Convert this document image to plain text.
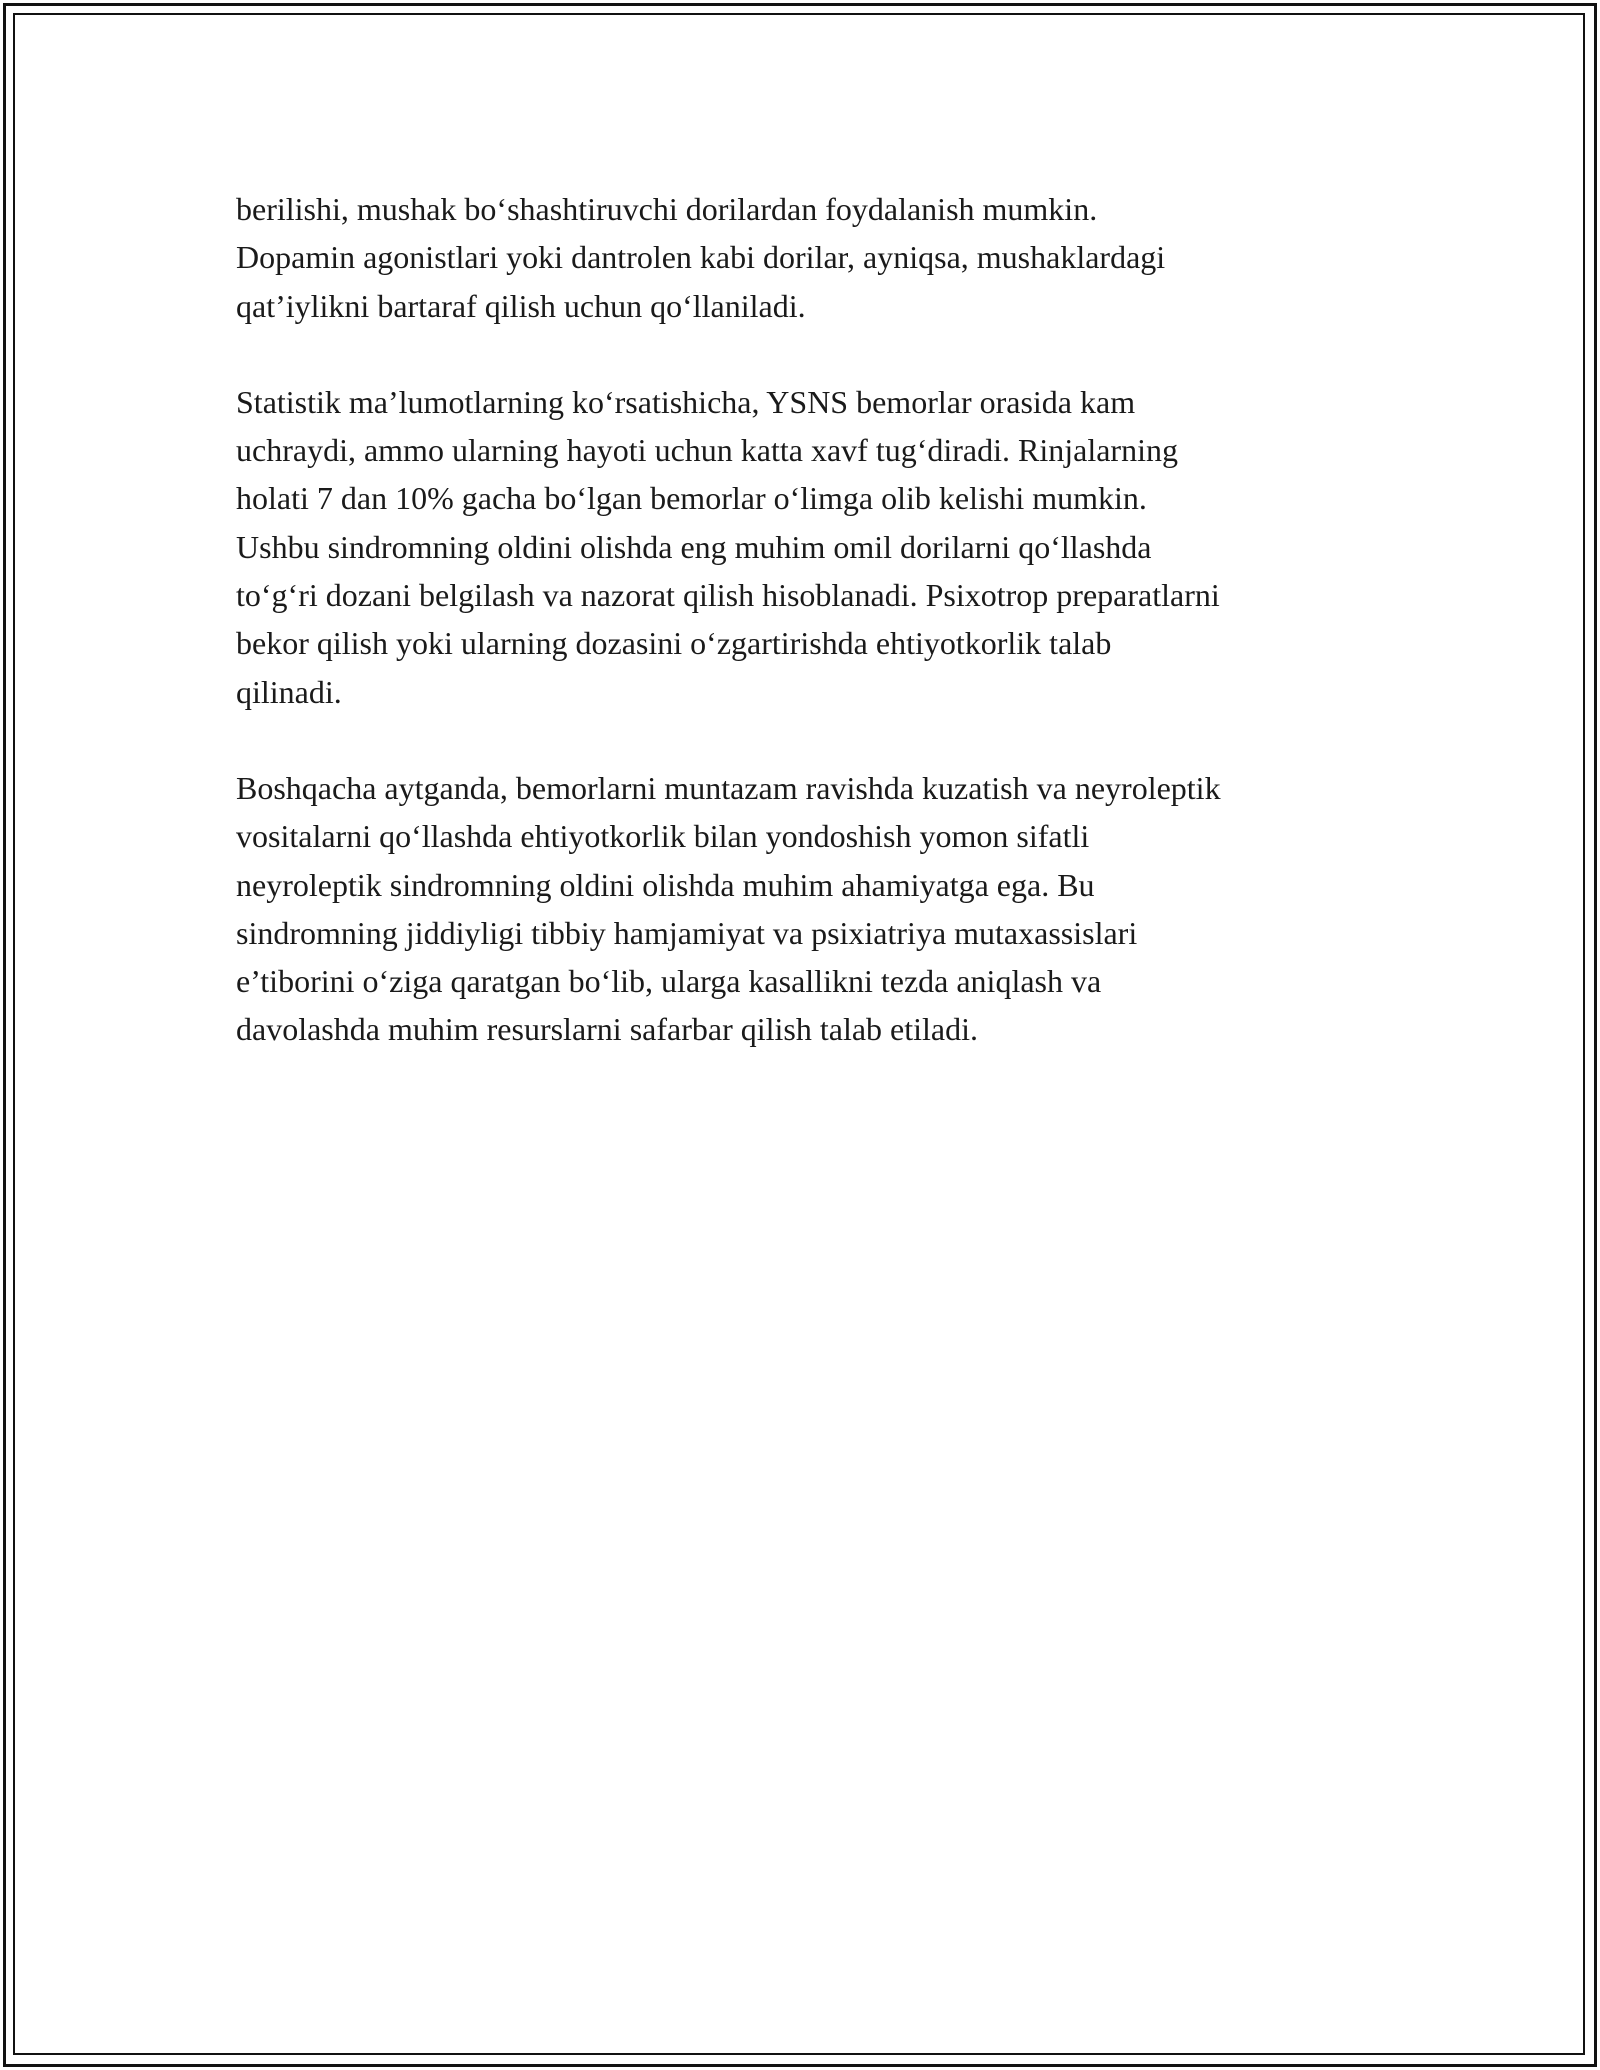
berilishi, mushak bo‘shashtiruvchi dorilardan foydalanish mumkin.
Dopamin agonistlari yoki dantrolen kabi dorilar, ayniqsa, mushaklardagi
qat’iylikni bartaraf qilish uchun qo‘llaniladi.

Statistik ma’lumotlarning ko‘rsatishicha, YSNS bemorlar orasida kam
uchraydi, ammo ularning hayoti uchun katta xavf tug‘diradi. Rinjalarning
holati 7 dan 10% gacha bo‘lgan bemorlar o‘limga olib kelishi mumkin.
Ushbu sindromning oldini olishda eng muhim omil dorilarni qo‘llashda
to‘g‘ri dozani belgilash va nazorat qilish hisoblanadi. Psixotrop preparatlarni
bekor qilish yoki ularning dozasini o‘zgartirishda ehtiyotkorlik talab
qilinadi.

Boshqacha aytganda, bemorlarni muntazam ravishda kuzatish va neyroleptik
vositalarni qo‘llashda ehtiyotkorlik bilan yondoshish yomon sifatli
neyroleptik sindromning oldini olishda muhim ahamiyatga ega. Bu
sindromning jiddiyligi tibbiy hamjamiyat va psixiatriya mutaxassislari
e’tiborini o‘ziga qaratgan bo‘lib, ularga kasallikni tezda aniqlash va
davolashda muhim resurslarni safarbar qilish talab etiladi.
